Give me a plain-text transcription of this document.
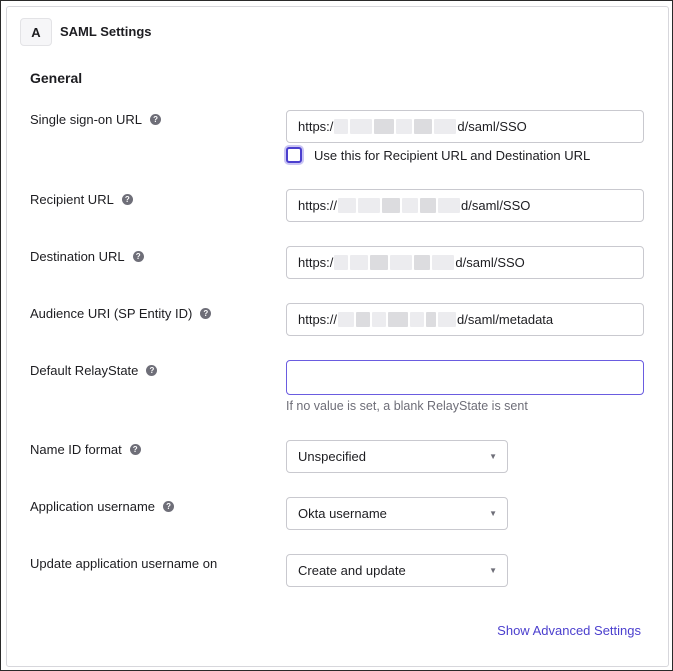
A	SAML Settings
General
Single sign-on URL	?	https:/	d/saml/SSO
Use this for Recipient URL and Destination URL
Recipient URL	?	https://	d/saml/SSO
Destination URL	?	https:/	d/saml/SSO
Audience URI (SP Entity ID)	?	https://	d/saml/metadata
Default RelayState	?
If no value is set, a blank RelayState is sent
Name ID format	?	Unspecified	▼
Application username	?	Okta username	▼
Update application username on	Create and update	▼
Show Advanced Settings
